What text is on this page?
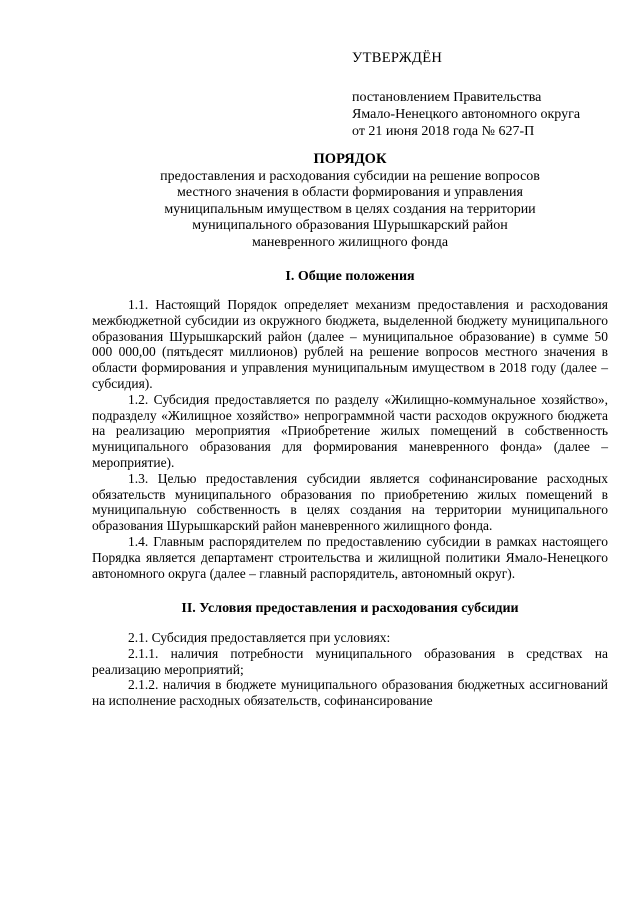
УТВЕРЖДЁН
постановлением Правительства
Ямало-Ненецкого автономного округа
от 21 июня 2018 года № 627-П
ПОРЯДОК
предоставления и расходования субсидии на решение вопросов
местного значения в области формирования и управления
муниципальным имуществом в целях создания на территории
муниципального образования Шурышкарский район
маневренного жилищного фонда
I. Общие положения

1.1. Настоящий Порядок определяет механизм предоставления и расходования межбюджетной субсидии из окружного бюджета, выделенной бюджету муниципального образования Шурышкарский район (далее – муниципальное образование) в сумме 50 000 000,00 (пятьдесят миллионов) рублей на решение вопросов местного значения в области формирования и управления муниципальным имуществом в 2018 году (далее – субсидия).

1.2. Субсидия предоставляется по разделу «Жилищно-коммунальное хозяйство», подразделу «Жилищное хозяйство» непрограммной части расходов окружного бюджета на реализацию мероприятия «Приобретение жилых помещений в собственность муниципального образования для формирования маневренного фонда» (далее – мероприятие).

1.3. Целью предоставления субсидии является софинансирование расходных обязательств муниципального образования по приобретению жилых помещений в муниципальную собственность в целях создания на территории муниципального образования Шурышкарский район маневренного жилищного фонда.

1.4. Главным распорядителем по предоставлению субсидии в рамках настоящего Порядка является департамент строительства и жилищной политики Ямало-Ненецкого автономного округа (далее – главный распорядитель, автономный округ).

II. Условия предоставления и расходования субсидии

2.1. Субсидия предоставляется при условиях:

2.1.1. наличия потребности муниципального образования в средствах на реализацию мероприятий;

2.1.2. наличия в бюджете муниципального образования бюджетных ассигнований на исполнение расходных обязательств, софинансирование
